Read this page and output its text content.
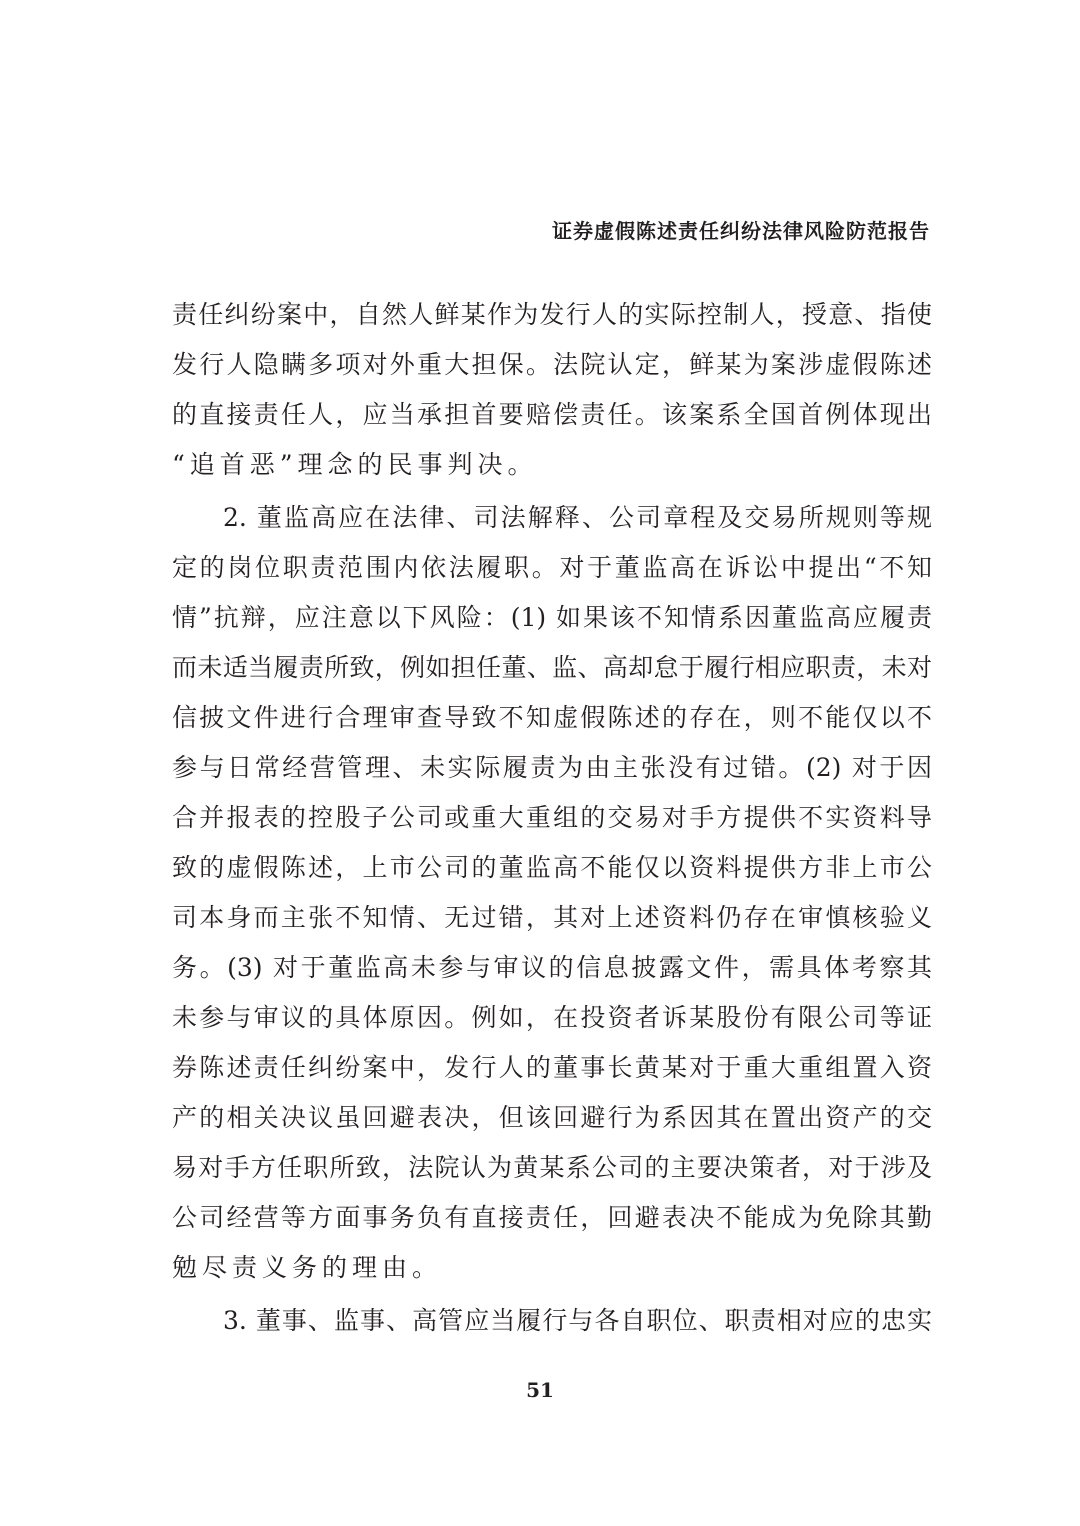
证券虚假陈述责任纠纷法律风险防范报告
责任纠纷案中，自然人鲜某作为发行人的实际控制人，授意、指使
发行人隐瞒多项对外重大担保。法院认定，鲜某为案涉虚假陈述
的直接责任人，应当承担首要赔偿责任。该案系全国首例体现出
“追首恶”理念的民事判决。
2. 董监高应在法律、司法解释、公司章程及交易所规则等规
定的岗位职责范围内依法履职。对于董监高在诉讼中提出“不知
情”抗辩，应注意以下风险：(1) 如果该不知情系因董监高应履责
而未适当履责所致，例如担任董、监、高却怠于履行相应职责，未对
信披文件进行合理审查导致不知虚假陈述的存在，则不能仅以不
参与日常经营管理、未实际履责为由主张没有过错。(2) 对于因
合并报表的控股子公司或重大重组的交易对手方提供不实资料导
致的虚假陈述，上市公司的董监高不能仅以资料提供方非上市公
司本身而主张不知情、无过错，其对上述资料仍存在审慎核验义
务。(3) 对于董监高未参与审议的信息披露文件，需具体考察其
未参与审议的具体原因。例如，在投资者诉某股份有限公司等证
券陈述责任纠纷案中，发行人的董事长黄某对于重大重组置入资
产的相关决议虽回避表决，但该回避行为系因其在置出资产的交
易对手方任职所致，法院认为黄某系公司的主要决策者，对于涉及
公司经营等方面事务负有直接责任，回避表决不能成为免除其勤
勉尽责义务的理由。
3. 董事、监事、高管应当履行与各自职位、职责相对应的忠实
51
